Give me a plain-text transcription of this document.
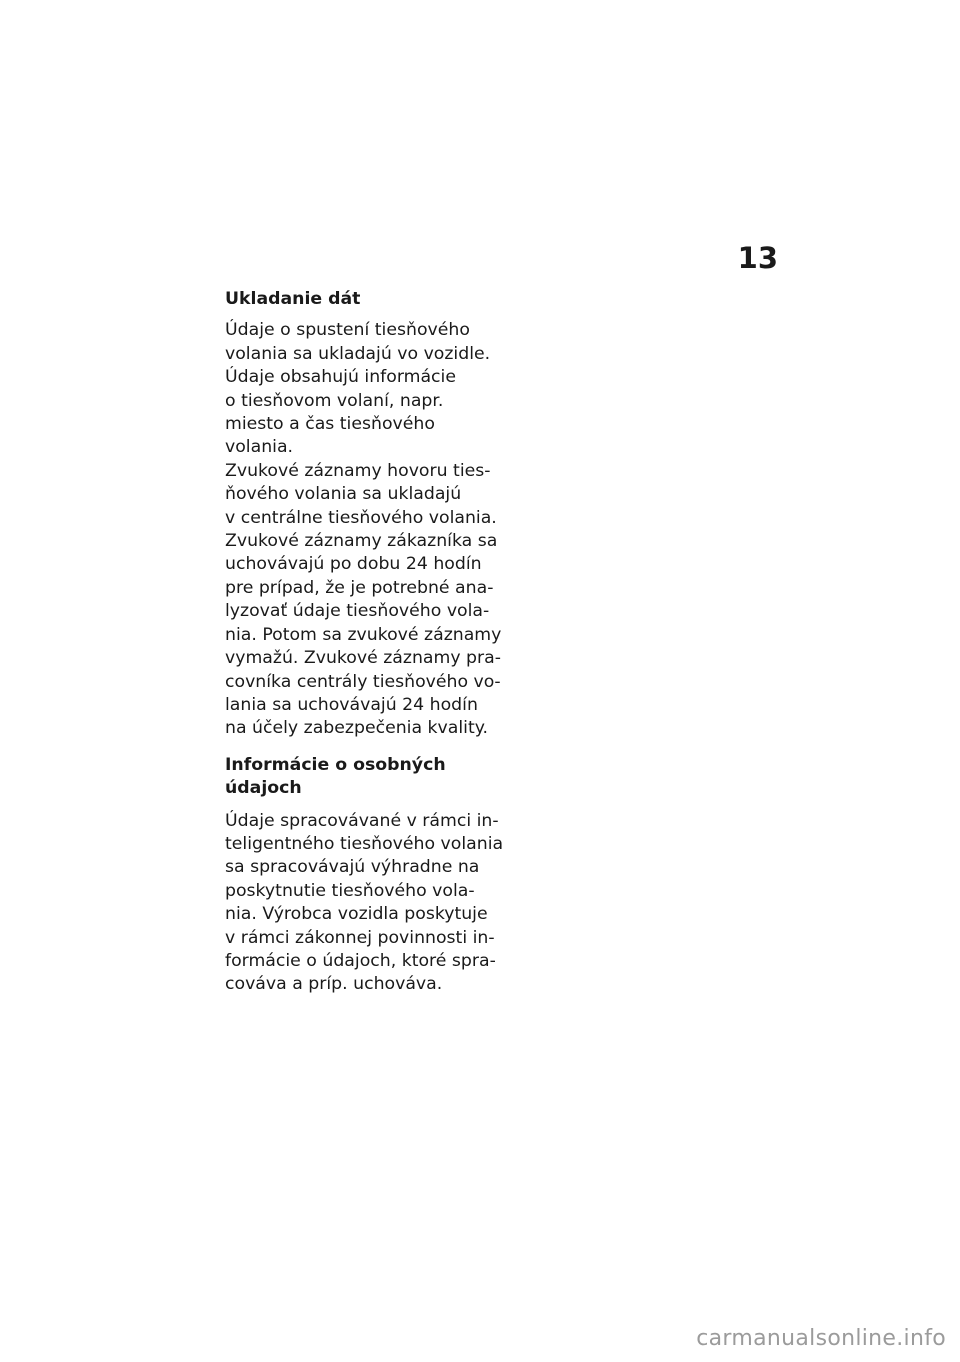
13
Ukladanie dát

Údaje o spustení tiesňového
volania sa ukladajú vo vozidle.
Údaje obsahujú informácie
o tiesňovom volaní, napr.
miesto a čas tiesňového
volania.

Zvukové záznamy hovoru ties‐
ňového volania sa ukladajú
v centrálne tiesňového volania.

Zvukové záznamy zákazníka sa
uchovávajú po dobu 24 hodín
pre prípad, že je potrebné ana‐
lyzovať údaje tiesňového vola‐
nia. Potom sa zvukové záznamy
vymažú. Zvukové záznamy pra‐
covníka centrály tiesňového vo‐
lania sa uchovávajú 24 hodín
na účely zabezpečenia kvality.

Informácie o osobných
údajoch

Údaje spracovávané v rámci in‐
teligentného tiesňového volania
sa spracovávajú výhradne na
poskytnutie tiesňového vola‐
nia. Výrobca vozidla poskytuje
v rámci zákonnej povinnosti in‐
formácie o údajoch, ktoré spra‐
cováva a príp. uchováva.

carmanualsonline.info
